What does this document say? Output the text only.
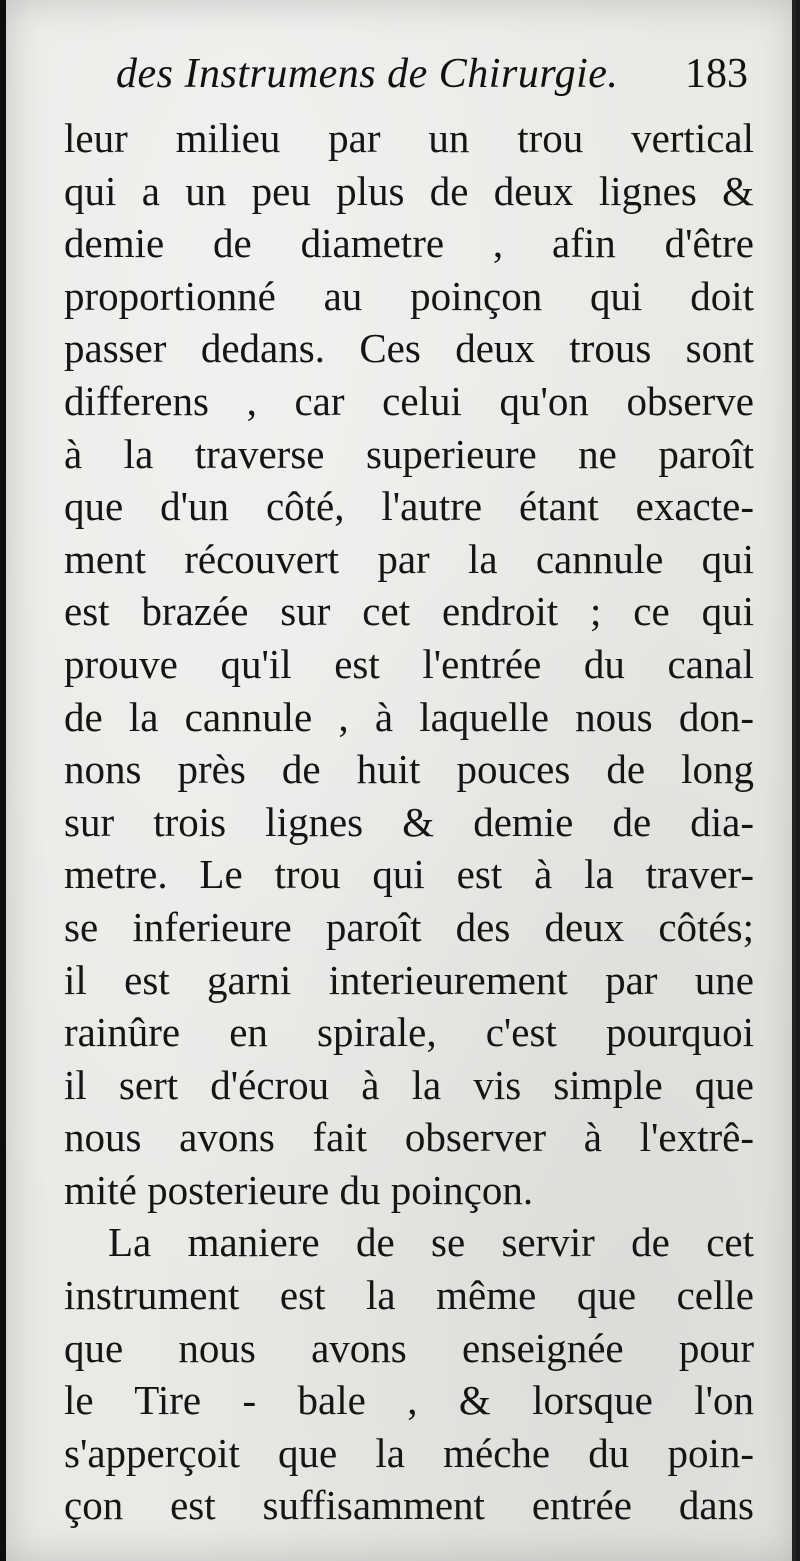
des Instrumens de Chirurgie. 183
leur milieu par un trou vertical
qui a un peu plus de deux lignes &
demie de diametre , afin d'être
proportionné au poinçon qui doit
passer dedans. Ces deux trous sont
differens , car celui qu'on observe
à la traverse superieure ne paroît
que d'un côté, l'autre étant exacte-
ment récouvert par la cannule qui
est brazée sur cet endroit ; ce qui
prouve qu'il est l'entrée du canal
de la cannule , à laquelle nous don-
nons près de huit pouces de long
sur trois lignes & demie de dia-
metre. Le trou qui est à la traver-
se inferieure paroît des deux côtés;
il est garni interieurement par une
rainûre en spirale, c'est pourquoi
il sert d'écrou à la vis simple que
nous avons fait observer à l'extrê-
mité posterieure du poinçon.
La maniere de se servir de cet
instrument est la même que celle
que nous avons enseignée pour
le Tire - bale , & lorsque l'on
s'apperçoit que la méche du poin-
çon est suffisamment entrée dans
